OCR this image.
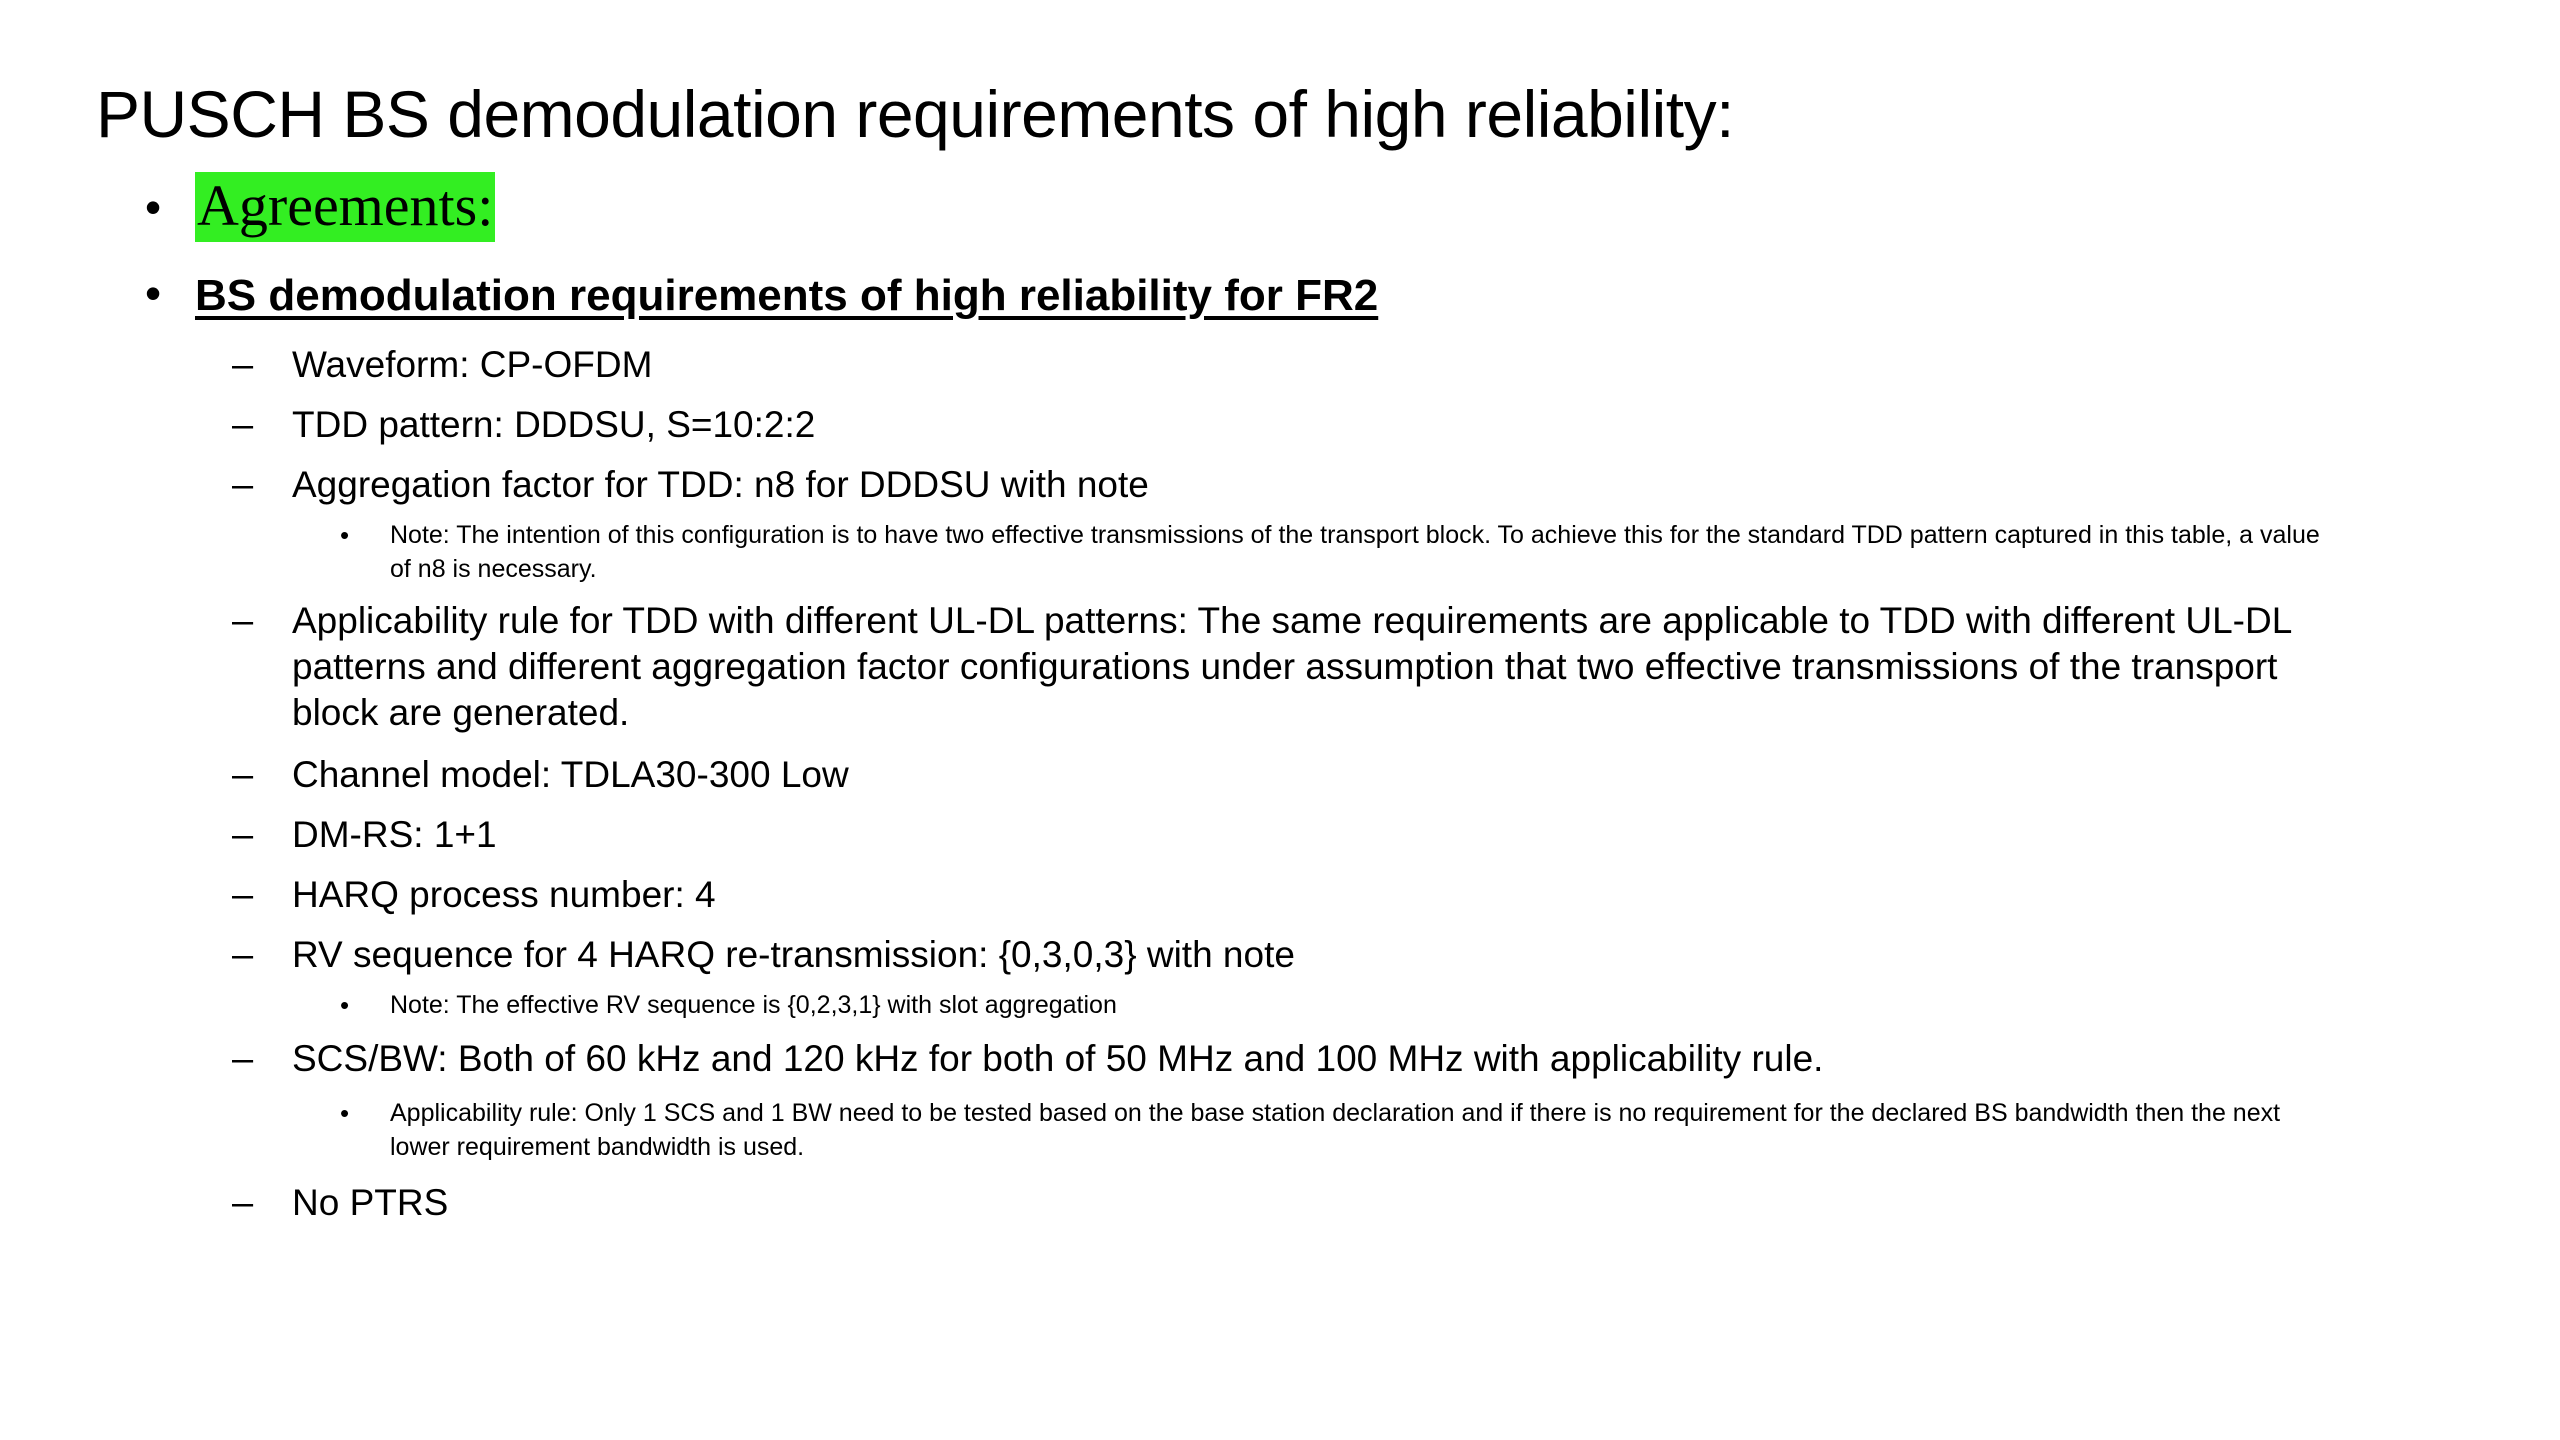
PUSCH BS demodulation requirements of high reliability:
• Agreements:
• BS demodulation requirements of high reliability for FR2
– Waveform: CP-OFDM
– TDD pattern: DDDSU, S=10:2:2
– Aggregation factor for TDD: n8 for DDDSU with note
• Note: The intention of this configuration is to have two effective transmissions of the transport block. To achieve this for the standard TDD pattern captured in this table, a value of n8 is necessary.
– Applicability rule for TDD with different UL-DL patterns: The same requirements are applicable to TDD with different UL-DL patterns and different aggregation factor configurations under assumption that two effective transmissions of the transport block are generated.
– Channel model: TDLA30-300 Low
– DM-RS: 1+1
– HARQ process number: 4
– RV sequence for 4 HARQ re-transmission: {0,3,0,3} with note
• Note: The effective RV sequence is {0,2,3,1} with slot aggregation
– SCS/BW: Both of 60 kHz and 120 kHz for both of 50 MHz and 100 MHz with applicability rule.
• Applicability rule: Only 1 SCS and 1 BW need to be tested based on the base station declaration and if there is no requirement for the declared BS bandwidth then the next lower requirement bandwidth is used.
– No PTRS
